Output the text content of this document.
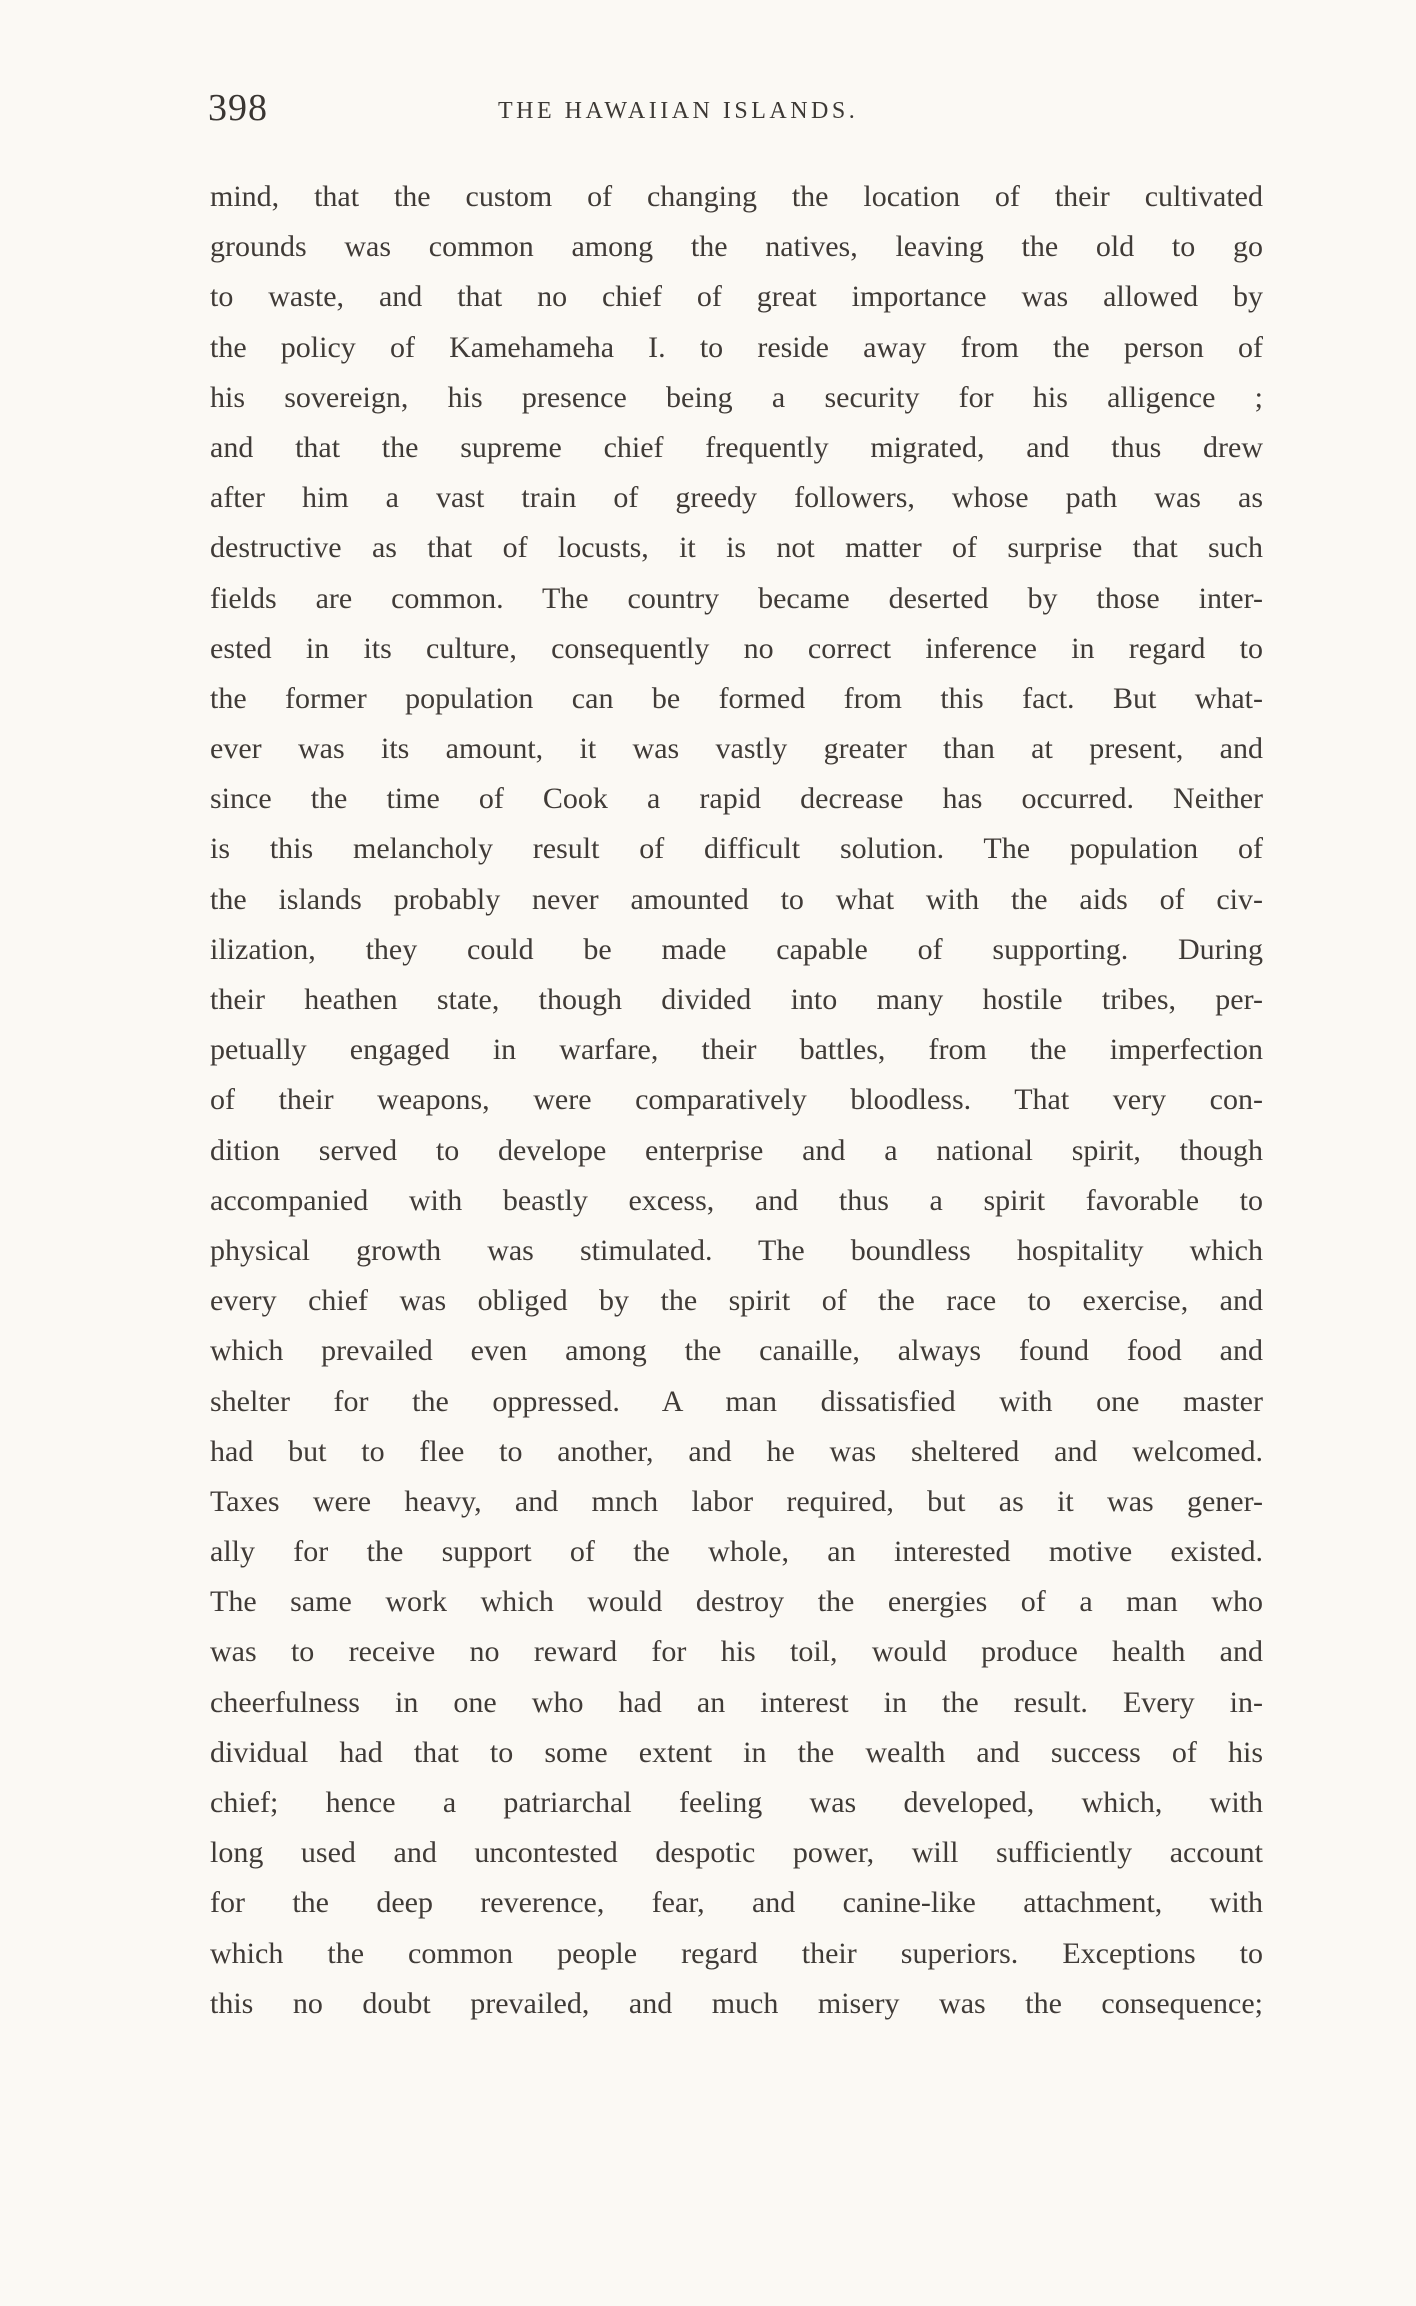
398	THE HAWAIIAN ISLANDS.
mind, that the custom of changing the location of their cultivated
grounds was common among the natives, leaving the old to go
to waste, and that no chief of great importance was allowed by
the policy of Kamehameha I. to reside away from the person of
his sovereign, his presence being a security for his alligence ;
and that the supreme chief frequently migrated, and thus drew
after him a vast train of greedy followers, whose path was as
destructive as that of locusts, it is not matter of surprise that such
fields are common. The country became deserted by those inter-
ested in its culture, consequently no correct inference in regard to
the former population can be formed from this fact. But what-
ever was its amount, it was vastly greater than at present, and
since the time of Cook a rapid decrease has occurred. Neither
is this melancholy result of difficult solution. The population of
the islands probably never amounted to what with the aids of civ-
ilization, they could be made capable of supporting. During
their heathen state, though divided into many hostile tribes, per-
petually engaged in warfare, their battles, from the imperfection
of their weapons, were comparatively bloodless. That very con-
dition served to develope enterprise and a national spirit, though
accompanied with beastly excess, and thus a spirit favorable to
physical growth was stimulated. The boundless hospitality which
every chief was obliged by the spirit of the race to exercise, and
which prevailed even among the canaille, always found food and
shelter for the oppressed. A man dissatisfied with one master
had but to flee to another, and he was sheltered and welcomed.
Taxes were heavy, and mnch labor required, but as it was gener-
ally for the support of the whole, an interested motive existed.
The same work which would destroy the energies of a man who
was to receive no reward for his toil, would produce health and
cheerfulness in one who had an interest in the result. Every in-
dividual had that to some extent in the wealth and success of his
chief; hence a patriarchal feeling was developed, which, with
long used and uncontested despotic power, will sufficiently account
for the deep reverence, fear, and canine-like attachment, with
which the common people regard their superiors. Exceptions to
this no doubt prevailed, and much misery was the consequence;
